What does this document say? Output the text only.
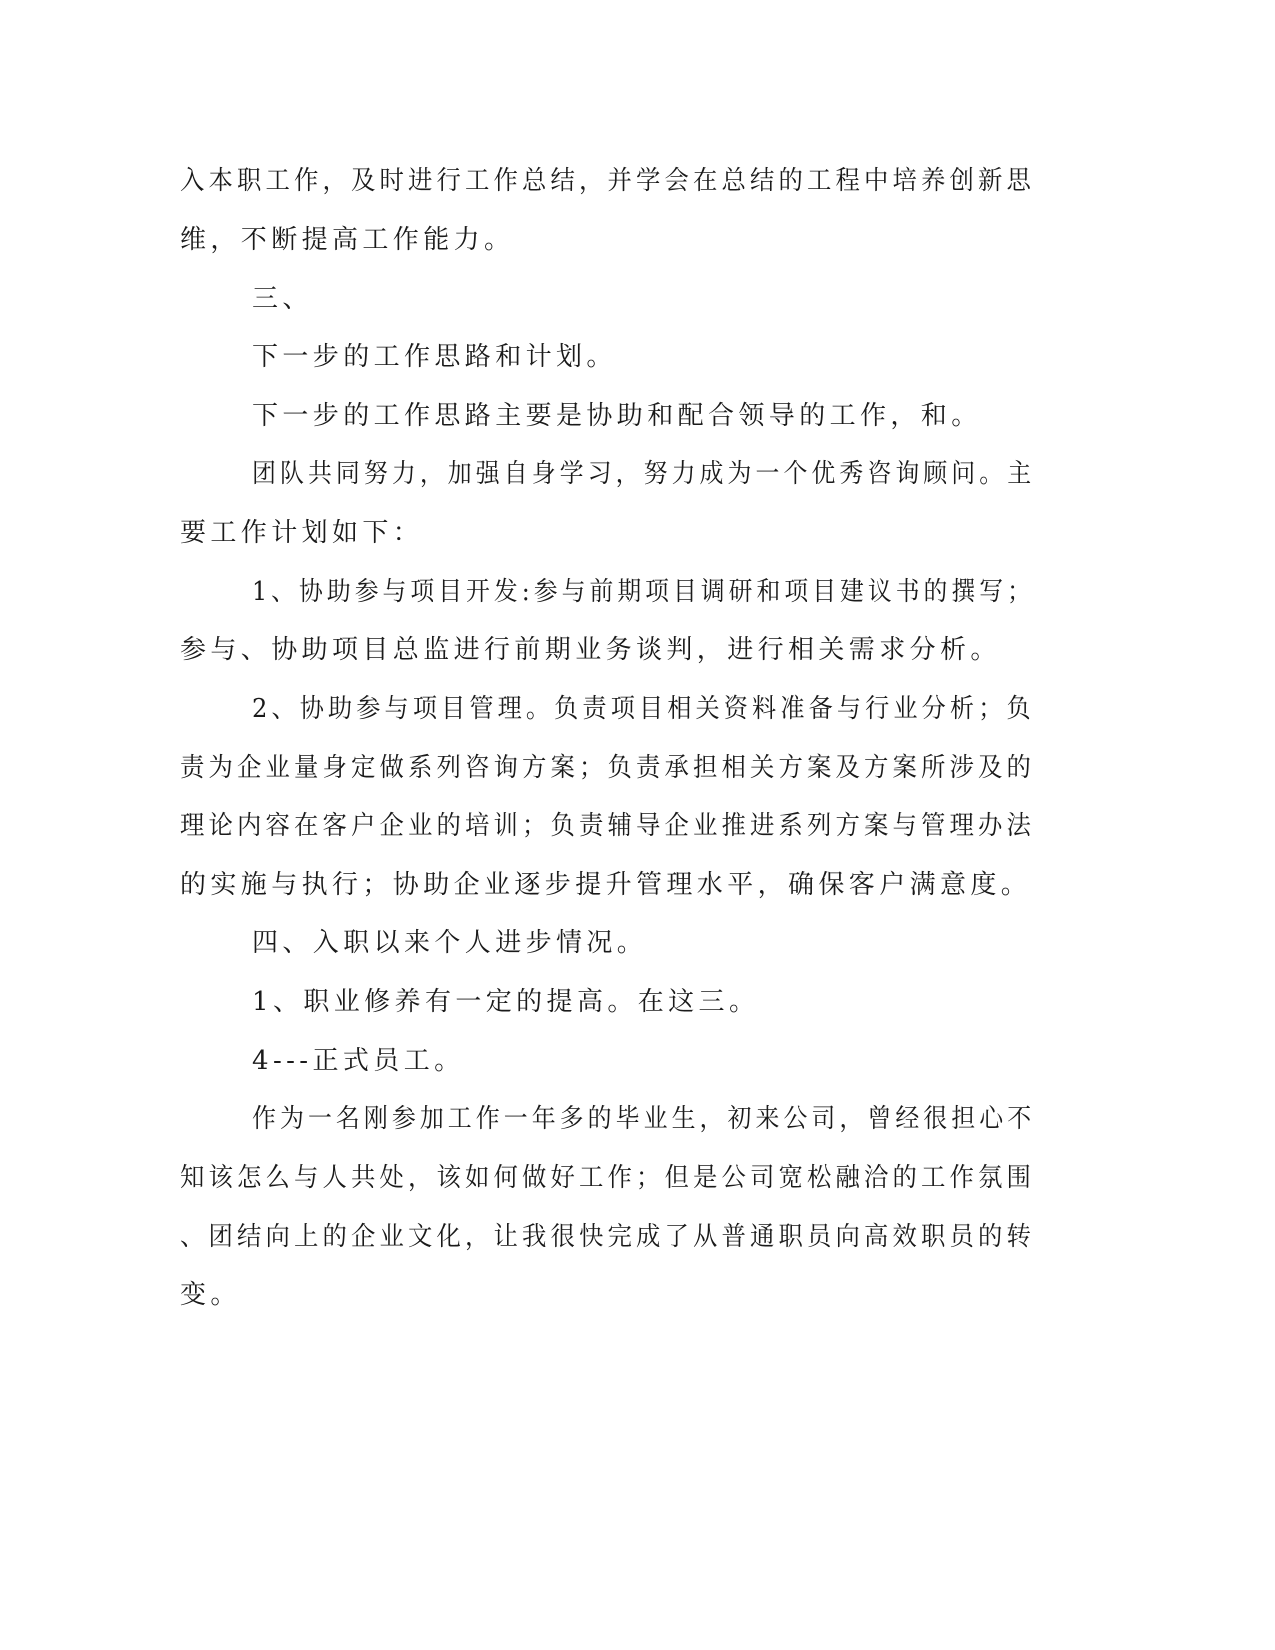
入本职工作，及时进行工作总结，并学会在总结的工程中培养创新思
维，不断提高工作能力。
三、
下一步的工作思路和计划。
下一步的工作思路主要是协助和配合领导的工作，和。
团队共同努力，加强自身学习，努力成为一个优秀咨询顾问。主
要工作计划如下：
1、协助参与项目开发:参与前期项目调研和项目建议书的撰写；
参与、协助项目总监进行前期业务谈判，进行相关需求分析。
2、协助参与项目管理。负责项目相关资料准备与行业分析；负
责为企业量身定做系列咨询方案；负责承担相关方案及方案所涉及的
理论内容在客户企业的培训；负责辅导企业推进系列方案与管理办法
的实施与执行；协助企业逐步提升管理水平，确保客户满意度。
四、入职以来个人进步情况。
1、职业修养有一定的提高。在这三。
4---正式员工。
作为一名刚参加工作一年多的毕业生，初来公司，曾经很担心不
知该怎么与人共处，该如何做好工作；但是公司宽松融洽的工作氛围
、团结向上的企业文化，让我很快完成了从普通职员向高效职员的转
变。
